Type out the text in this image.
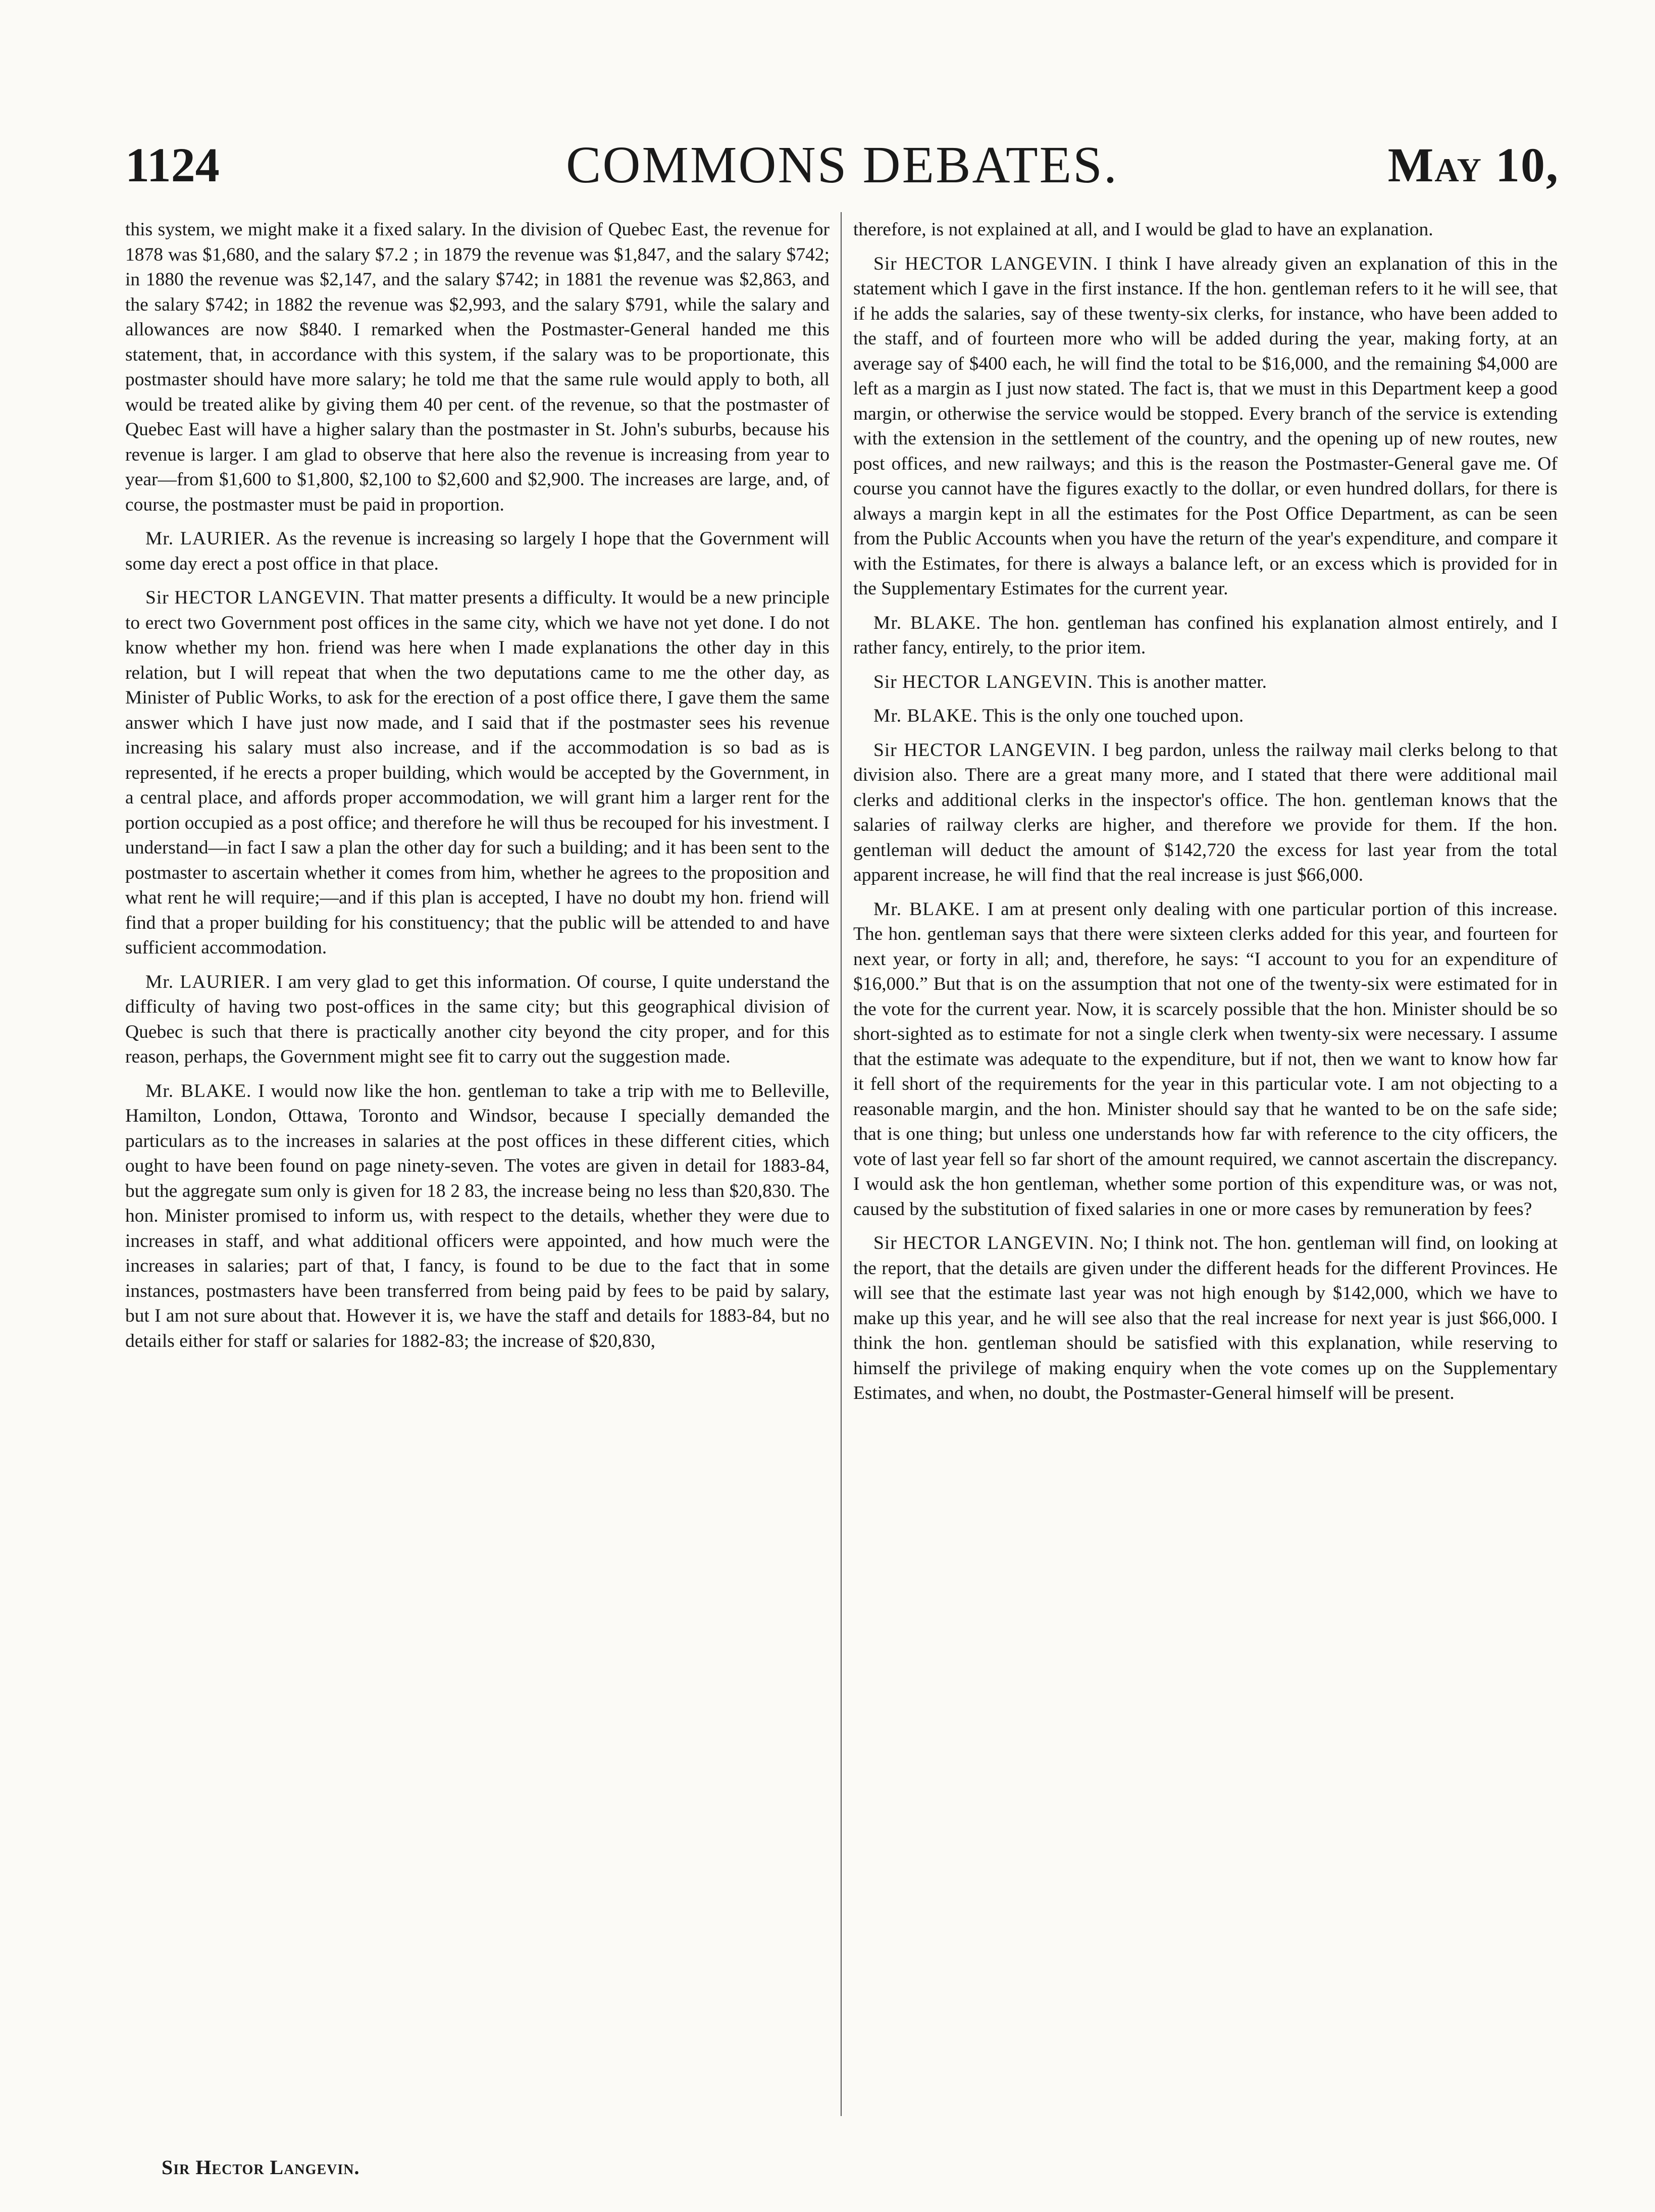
1124	COMMONS DEBATES.	May 10,

this system, we might make it a fixed salary. In the division of Quebec East, the revenue for 1878 was $1,680, and the salary $7.2 ; in 1879 the revenue was $1,847, and the salary $742; in 1880 the revenue was $2,147, and the salary $742; in 1881 the revenue was $2,863, and the salary $742; in 1882 the revenue was $2,993, and the salary $791, while the salary and allowances are now $840. I remarked when the Postmaster-General handed me this statement, that, in accordance with this system, if the salary was to be proportionate, this postmaster should have more salary; he told me that the same rule would apply to both, all would be treated alike by giving them 40 per cent. of the revenue, so that the postmaster of Quebec East will have a higher salary than the postmaster in St. John's suburbs, because his revenue is larger. I am glad to observe that here also the revenue is increasing from year to year—from $1,600 to $1,800, $2,100 to $2,600 and $2,900. The increases are large, and, of course, the postmaster must be paid in proportion.

Mr. LAURIER. As the revenue is increasing so largely I hope that the Government will some day erect a post office in that place.

Sir HECTOR LANGEVIN. That matter presents a difficulty. It would be a new principle to erect two Government post offices in the same city, which we have not yet done. I do not know whether my hon. friend was here when I made explanations the other day in this relation, but I will repeat that when the two deputations came to me the other day, as Minister of Public Works, to ask for the erection of a post office there, I gave them the same answer which I have just now made, and I said that if the postmaster sees his revenue increasing his salary must also increase, and if the accommodation is so bad as is represented, if he erects a proper building, which would be accepted by the Government, in a central place, and affords proper accommodation, we will grant him a larger rent for the portion occupied as a post office; and therefore he will thus be recouped for his investment. I understand—in fact I saw a plan the other day for such a building; and it has been sent to the postmaster to ascertain whether it comes from him, whether he agrees to the proposition and what rent he will require;—and if this plan is accepted, I have no doubt my hon. friend will find that a proper building for his constituency; that the public will be attended to and have sufficient accommodation.

Mr. LAURIER. I am very glad to get this information. Of course, I quite understand the difficulty of having two post-offices in the same city; but this geographical division of Quebec is such that there is practically another city beyond the city proper, and for this reason, perhaps, the Government might see fit to carry out the suggestion made.

Mr. BLAKE. I would now like the hon. gentleman to take a trip with me to Belleville, Hamilton, London, Ottawa, Toronto and Windsor, because I specially demanded the particulars as to the increases in salaries at the post offices in these different cities, which ought to have been found on page ninety-seven. The votes are given in detail for 1883-84, but the aggregate sum only is given for 18 2 83, the increase being no less than $20,830. The hon. Minister promised to inform us, with respect to the details, whether they were due to increases in staff, and what additional officers were appointed, and how much were the increases in salaries; part of that, I fancy, is found to be due to the fact that in some instances, postmasters have been transferred from being paid by fees to be paid by salary, but I am not sure about that. However it is, we have the staff and details for 1883-84, but no details either for staff or salaries for 1882-83; the increase of $20,830,

therefore, is not explained at all, and I would be glad to have an explanation.

Sir HECTOR LANGEVIN. I think I have already given an explanation of this in the statement which I gave in the first instance. If the hon. gentleman refers to it he will see, that if he adds the salaries, say of these twenty-six clerks, for instance, who have been added to the staff, and of fourteen more who will be added during the year, making forty, at an average say of $400 each, he will find the total to be $16,000, and the remaining $4,000 are left as a margin as I just now stated. The fact is, that we must in this Department keep a good margin, or otherwise the service would be stopped. Every branch of the service is extending with the extension in the settlement of the country, and the opening up of new routes, new post offices, and new railways; and this is the reason the Postmaster-General gave me. Of course you cannot have the figures exactly to the dollar, or even hundred dollars, for there is always a margin kept in all the estimates for the Post Office Department, as can be seen from the Public Accounts when you have the return of the year's expenditure, and compare it with the Estimates, for there is always a balance left, or an excess which is provided for in the Supplementary Estimates for the current year.

Mr. BLAKE. The hon. gentleman has confined his explanation almost entirely, and I rather fancy, entirely, to the prior item.

Sir HECTOR LANGEVIN. This is another matter.

Mr. BLAKE. This is the only one touched upon.

Sir HECTOR LANGEVIN. I beg pardon, unless the railway mail clerks belong to that division also. There are a great many more, and I stated that there were additional mail clerks and additional clerks in the inspector's office. The hon. gentleman knows that the salaries of railway clerks are higher, and therefore we provide for them. If the hon. gentleman will deduct the amount of $142,720 the excess for last year from the total apparent increase, he will find that the real increase is just $66,000.

Mr. BLAKE. I am at present only dealing with one particular portion of this increase. The hon. gentleman says that there were sixteen clerks added for this year, and fourteen for next year, or forty in all; and, therefore, he says: “I account to you for an expenditure of $16,000.” But that is on the assumption that not one of the twenty-six were estimated for in the vote for the current year. Now, it is scarcely possible that the hon. Minister should be so short-sighted as to estimate for not a single clerk when twenty-six were necessary. I assume that the estimate was adequate to the expenditure, but if not, then we want to know how far it fell short of the requirements for the year in this particular vote. I am not objecting to a reasonable margin, and the hon. Minister should say that he wanted to be on the safe side; that is one thing; but unless one understands how far with reference to the city officers, the vote of last year fell so far short of the amount required, we cannot ascertain the discrepancy. I would ask the hon gentleman, whether some portion of this expenditure was, or was not, caused by the substitution of fixed salaries in one or more cases by remuneration by fees?

Sir HECTOR LANGEVIN. No; I think not. The hon. gentleman will find, on looking at the report, that the details are given under the different heads for the different Provinces. He will see that the estimate last year was not high enough by $142,000, which we have to make up this year, and he will see also that the real increase for next year is just $66,000. I think the hon. gentleman should be satisfied with this explanation, while reserving to himself the privilege of making enquiry when the vote comes up on the Supplementary Estimates, and when, no doubt, the Postmaster-General himself will be present.

Sir Hector Langevin.
